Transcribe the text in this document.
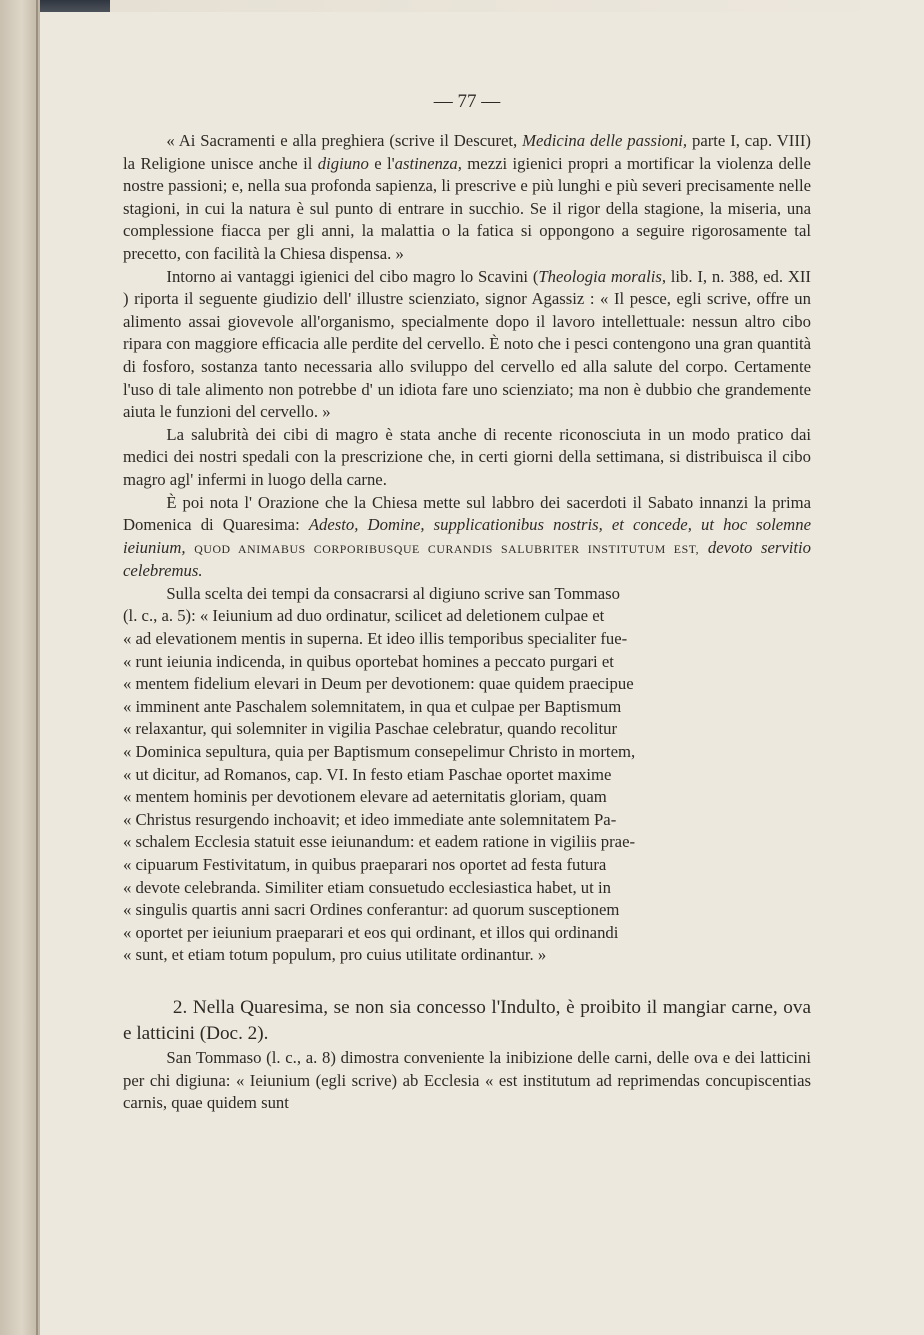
— 77 —

« Ai Sacramenti e alla preghiera (scrive il Descuret, Medicina delle passioni, parte I, cap. VIII) la Religione unisce anche il digiuno e l'astinenza, mezzi igienici propri a mortificar la violenza delle nostre passioni; e, nella sua profonda sapienza, li prescrive e più lunghi e più severi precisamente nelle stagioni, in cui la natura è sul punto di entrare in succhio. Se il rigor della stagione, la miseria, una complessione fiacca per gli anni, la malattia o la fatica si oppongono a seguire rigorosamente tal precetto, con facilità la Chiesa dispensa. »

Intorno ai vantaggi igienici del cibo magro lo Scavini (Theologia moralis, lib. I, n. 388, ed. XII ) riporta il seguente giudizio dell' illustre scienziato, signor Agassiz : « Il pesce, egli scrive, offre un alimento assai giovevole all'organismo, specialmente dopo il lavoro intellettuale: nessun altro cibo ripara con maggiore efficacia alle perdite del cervello. È noto che i pesci contengono una gran quantità di fosforo, sostanza tanto necessaria allo sviluppo del cervello ed alla salute del corpo. Certamente l'uso di tale alimento non potrebbe d' un idiota fare uno scienziato; ma non è dubbio che grandemente aiuta le funzioni del cervello. »

La salubrità dei cibi di magro è stata anche di recente riconosciuta in un modo pratico dai medici dei nostri spedali con la prescrizione che, in certi giorni della settimana, si distribuisca il cibo magro agl' infermi in luogo della carne.

È poi nota l' Orazione che la Chiesa mette sul labbro dei sacerdoti il Sabato innanzi la prima Domenica di Quaresima: Adesto, Domine, supplicationibus nostris, et concede, ut hoc solemne ieiunium, QUOD ANIMABUS CORPORIBUSQUE CURANDIS SALUBRITER INSTITUTUM EST, devoto servitio celebremus.

Sulla scelta dei tempi da consacrarsi al digiuno scrive san Tommaso
(l. c., a. 5): « Ieiunium ad duo ordinatur, scilicet ad deletionem culpae et
« ad elevationem mentis in superna. Et ideo illis temporibus specialiter fue-
« runt ieiunia indicenda, in quibus oportebat homines a peccato purgari et
« mentem fidelium elevari in Deum per devotionem: quae quidem praecipue
« imminent ante Paschalem solemnitatem, in qua et culpae per Baptismum
« relaxantur, qui solemniter in vigilia Paschae celebratur, quando recolitur
« Dominica sepultura, quia per Baptismum consepelimur Christo in mortem,
« ut dicitur, ad Romanos, cap. VI. In festo etiam Paschae oportet maxime
« mentem hominis per devotionem elevare ad aeternitatis gloriam, quam
« Christus resurgendo inchoavit; et ideo immediate ante solemnitatem Pa-
« schalem Ecclesia statuit esse ieiunandum: et eadem ratione in vigiliis prae-
« cipuarum Festivitatum, in quibus praeparari nos oportet ad festa futura
« devote celebranda. Similiter etiam consuetudo ecclesiastica habet, ut in
« singulis quartis anni sacri Ordines conferantur: ad quorum susceptionem
« oportet per ieiunium praeparari et eos qui ordinant, et illos qui ordinandi
« sunt, et etiam totum populum, pro cuius utilitate ordinantur. »

2. Nella Quaresima, se non sia concesso l'Indulto, è proibito il mangiar carne, ova e latticini (Doc. 2).

San Tommaso (l. c., a. 8) dimostra conveniente la inibizione delle carni, delle ova e dei latticini per chi digiuna: « Ieiunium (egli scrive) ab Ecclesia « est institutum ad reprimendas concupiscentias carnis, quae quidem sunt
